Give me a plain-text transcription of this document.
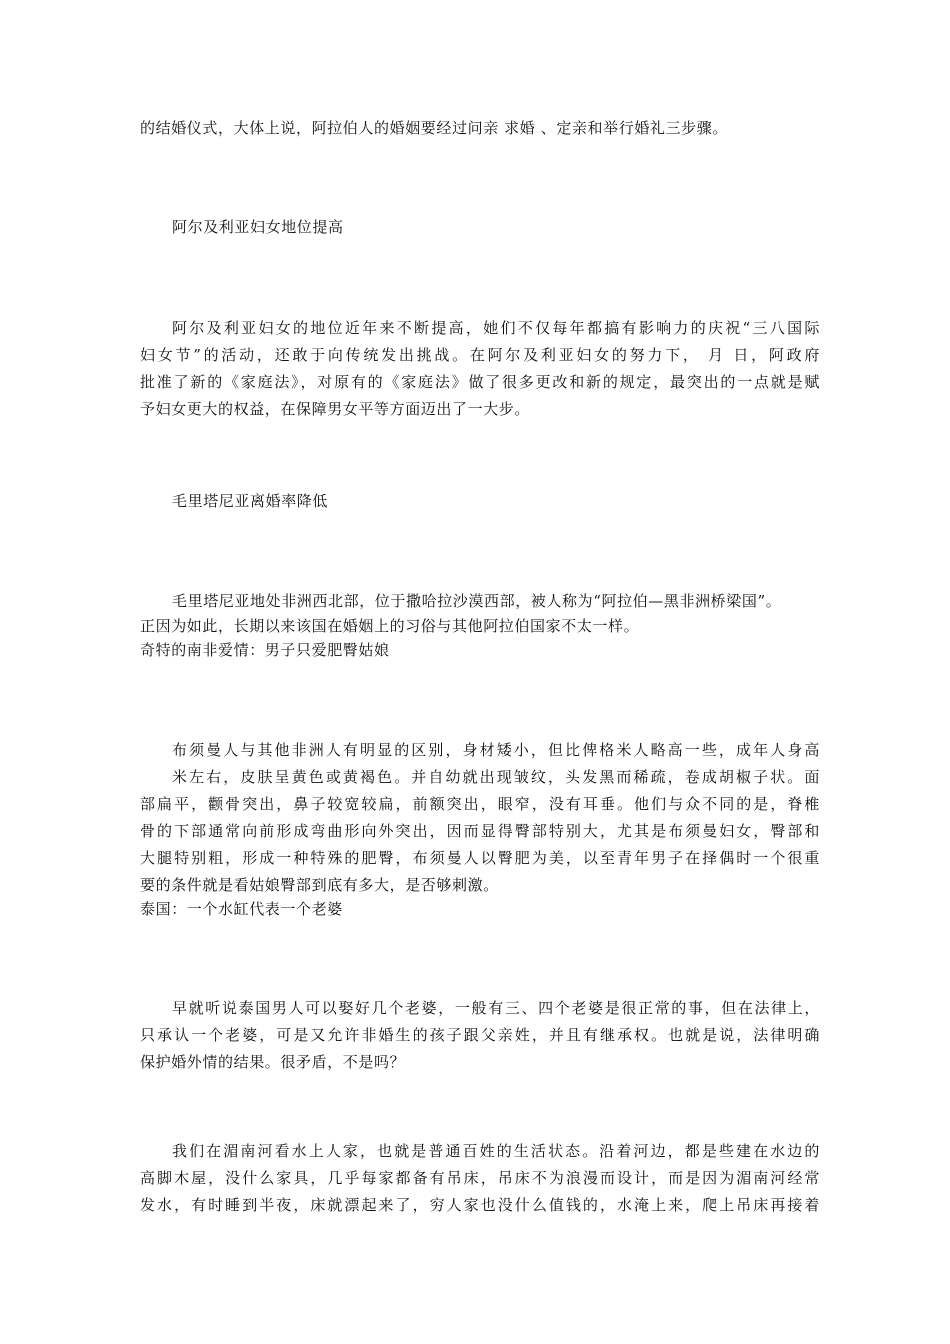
的结婚仪式，大体上说，阿拉伯人的婚姻要经过问亲 求婚 、定亲和举行婚礼三步骤。
阿尔及利亚妇女地位提高
阿尔及利亚妇女的地位近年来不断提高，她们不仅每年都搞有影响力的庆祝“三八国际
妇女节”的活动，还敢于向传统发出挑战。在阿尔及利亚妇女的努力下， 月 日，阿政府
批准了新的《家庭法》，对原有的《家庭法》做了很多更改和新的规定，最突出的一点就是赋
予妇女更大的权益，在保障男女平等方面迈出了一大步。
毛里塔尼亚离婚率降低
毛里塔尼亚地处非洲西北部，位于撒哈拉沙漠西部，被人称为“阿拉伯—黑非洲桥梁国”。
正因为如此，长期以来该国在婚姻上的习俗与其他阿拉伯国家不太一样。
奇特的南非爱情：男子只爱肥臀姑娘
布须曼人与其他非洲人有明显的区别，身材矮小，但比俾格米人略高一些，成年人身高
米左右，皮肤呈黄色或黄褐色。并自幼就出现皱纹，头发黑而稀疏，卷成胡椒子状。面
部扁平，颧骨突出，鼻子较宽较扁，前额突出，眼窄，没有耳垂。他们与众不同的是，脊椎
骨的下部通常向前形成弯曲形向外突出，因而显得臀部特别大，尤其是布须曼妇女，臀部和
大腿特别粗，形成一种特殊的肥臀，布须曼人以臀肥为美，以至青年男子在择偶时一个很重
要的条件就是看姑娘臀部到底有多大，是否够刺激。
泰国：一个水缸代表一个老婆
早就听说泰国男人可以娶好几个老婆，一般有三、四个老婆是很正常的事，但在法律上，
只承认一个老婆，可是又允许非婚生的孩子跟父亲姓，并且有继承权。也就是说，法律明确
保护婚外情的结果。很矛盾，不是吗？
我们在湄南河看水上人家，也就是普通百姓的生活状态。沿着河边，都是些建在水边的
高脚木屋，没什么家具，几乎每家都备有吊床，吊床不为浪漫而设计，而是因为湄南河经常
发水，有时睡到半夜，床就漂起来了，穷人家也没什么值钱的，水淹上来，爬上吊床再接着
